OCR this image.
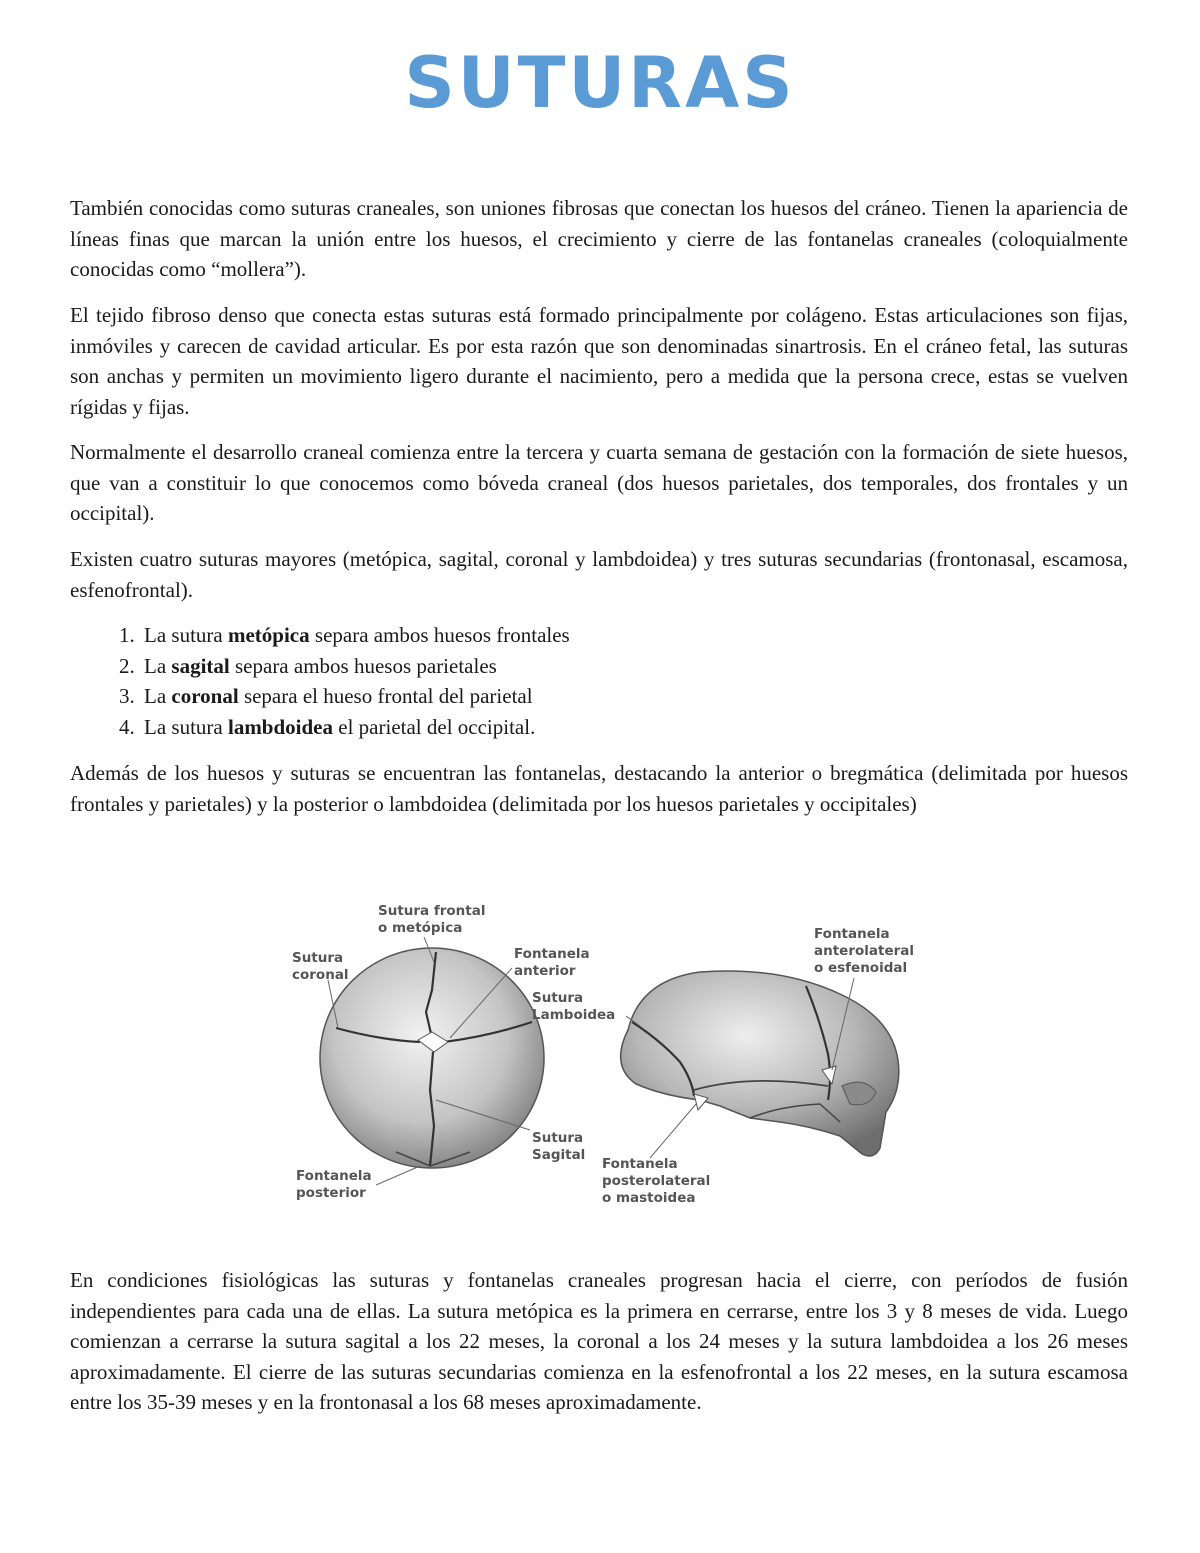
SUTURAS

También conocidas como suturas craneales, son uniones fibrosas que conectan los huesos del cráneo. Tienen la apariencia de líneas finas que marcan la unión entre los huesos, el crecimiento y cierre de las fontanelas craneales (coloquialmente conocidas como “mollera”).

El tejido fibroso denso que conecta estas suturas está formado principalmente por colágeno. Estas articulaciones son fijas, inmóviles y carecen de cavidad articular. Es por esta razón que son denominadas sinartrosis. En el cráneo fetal, las suturas son anchas y permiten un movimiento ligero durante el nacimiento, pero a medida que la persona crece, estas se vuelven rígidas y fijas.

Normalmente el desarrollo craneal comienza entre la tercera y cuarta semana de gestación con la formación de siete huesos, que van a constituir lo que conocemos como bóveda craneal (dos huesos parietales, dos temporales, dos frontales y un occipital).

Existen cuatro suturas mayores (metópica, sagital, coronal y lambdoidea) y tres suturas secundarias (frontonasal, escamosa, esfenofrontal).

1. La sutura metópica separa ambos huesos frontales
2. La sagital separa ambos huesos parietales
3. La coronal separa el hueso frontal del parietal
4. La sutura lambdoidea el parietal del occipital.

Además de los huesos y suturas se encuentran las fontanelas, destacando la anterior o bregmática (delimitada por huesos frontales y parietales) y la posterior o lambdoidea (delimitada por los huesos parietales y occipitales)

Sutura frontal
o metópica
Sutura
coronal
Fontanela
anterior
Sutura
Lamboidea
Sutura
Sagital
Fontanela
posterior
Fontanela
anterolateral
o esfenoidal
Fontanela
posterolateral
o mastoidea

En condiciones fisiológicas las suturas y fontanelas craneales progresan hacia el cierre, con períodos de fusión independientes para cada una de ellas. La sutura metópica es la primera en cerrarse, entre los 3 y 8 meses de vida. Luego comienzan a cerrarse la sutura sagital a los 22 meses, la coronal a los 24 meses y la sutura lambdoidea a los 26 meses aproximadamente. El cierre de las suturas secundarias comienza en la esfenofrontal a los 22 meses, en la sutura escamosa entre los 35-39 meses y en la frontonasal a los 68 meses aproximadamente.
